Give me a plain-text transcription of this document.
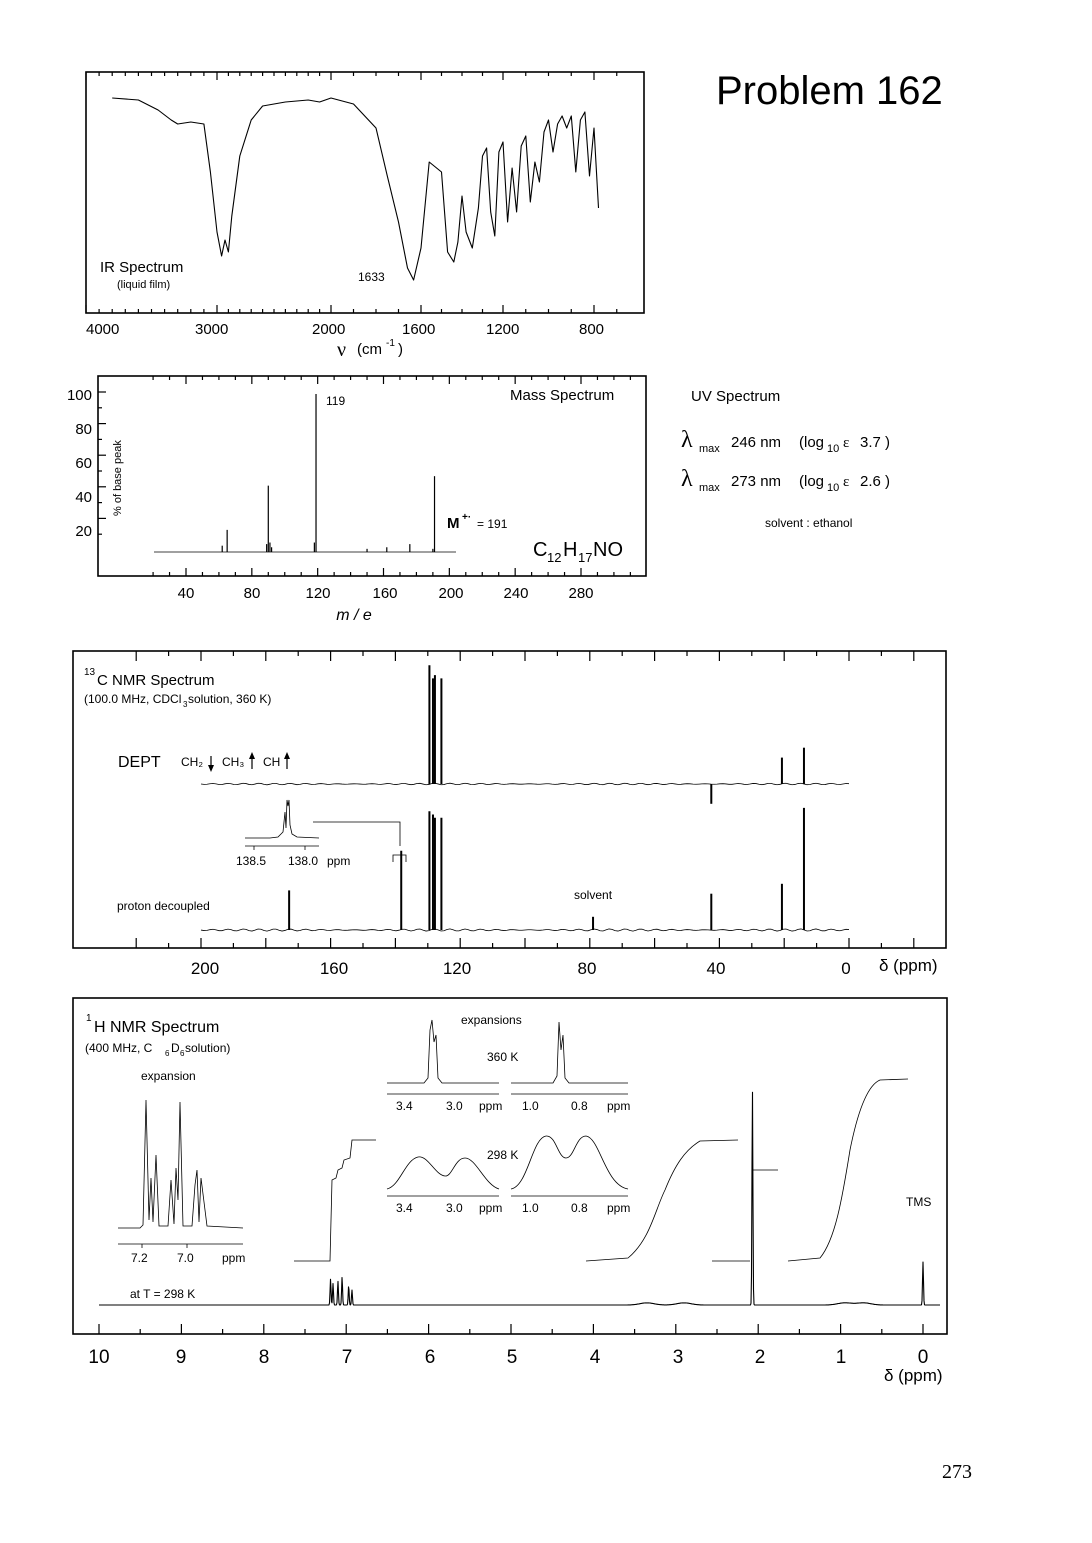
Problem 162
IR Spectrum
(liquid film)
1633
4000	3000	2000	1600	1200	800
ν (cm -1 )
Mass Spectrum
119
M +· = 191
C 12 H 17 NO
100
80
60
40
20
% of base peak
40	80	120	160	200	240	280
m / e
UV Spectrum
λ max 246 nm (log 10 ε 3.7 )
λ max 273 nm (log 10 ε 2.6 )
solvent : ethanol
13 C NMR Spectrum
(100.0 MHz, CDCl 3 solution, 360 K)
DEPT CH₂ CH₃ CH
138.5 138.0 ppm
solvent
proton decoupled
200	160	120	80	40	0 δ (ppm)
1
H NMR Spectrum
(400 MHz, C 6 D 6 solution)
expansion
7.2 7.0 ppm
expansions
360 K
298 K
3.4	3.0 ppm 1.0	0.8 ppm
3.4	3.0 ppm 1.0	0.8 ppm
at T = 298 K
TMS
10	9	8	7	6	5	4	3	2	1	0
δ (ppm)
273
